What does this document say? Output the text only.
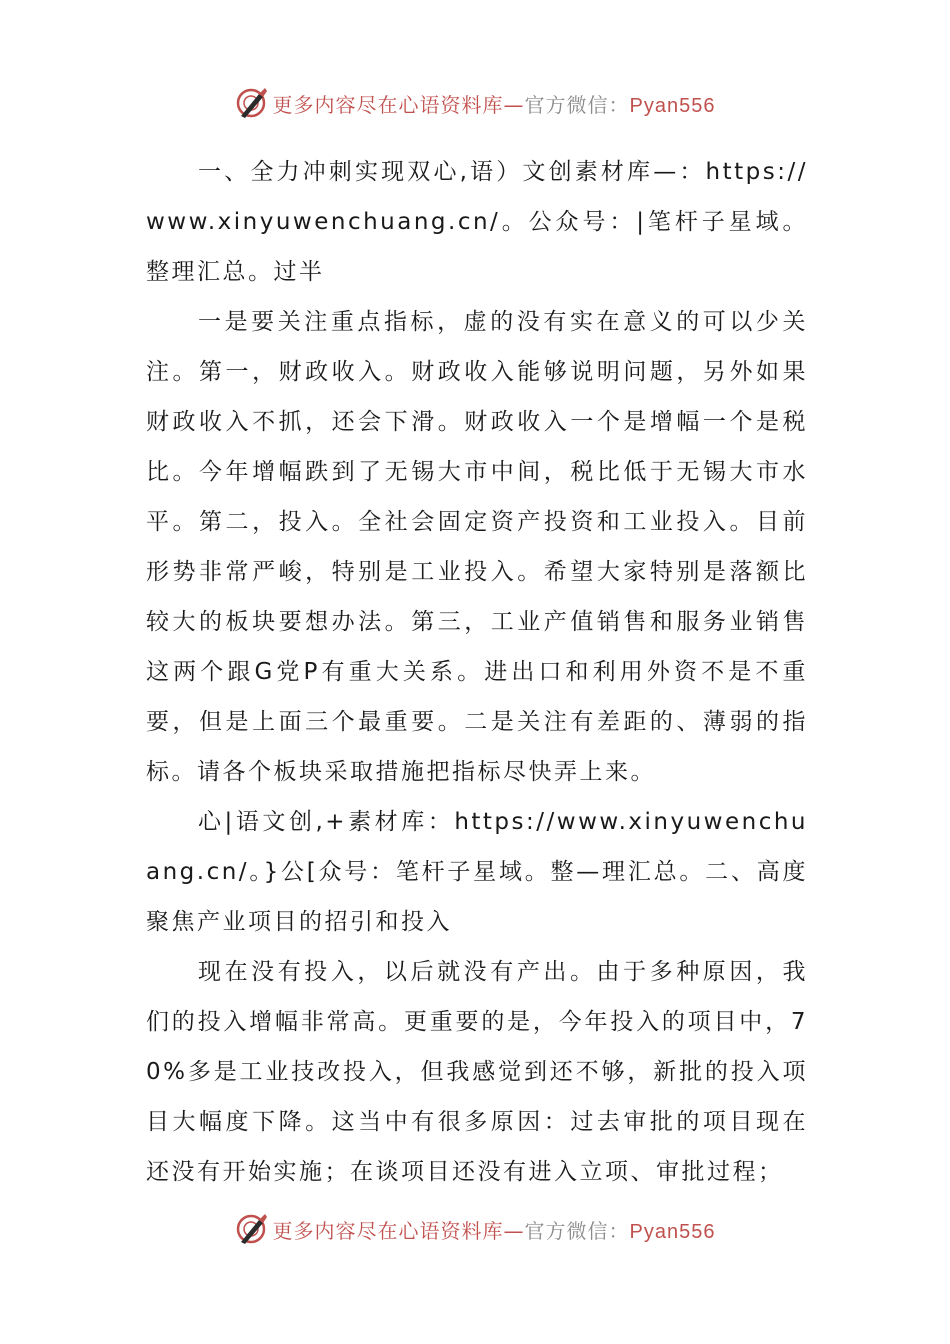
更多内容尽在心语资料库—官方微信：Pyan556

一、全力冲刺实现双心,语）文创素材库—：https://www.xinyuwenchuang.cn/。公众号：|笔杆子星域。整理汇总。过半

一是要关注重点指标，虚的没有实在意义的可以少关注。第一，财政收入。财政收入能够说明问题，另外如果财政收入不抓，还会下滑。财政收入一个是增幅一个是税比。今年增幅跌到了无锡大市中间，税比低于无锡大市水平。第二，投入。全社会固定资产投资和工业投入。目前形势非常严峻，特别是工业投入。希望大家特别是落额比较大的板块要想办法。第三，工业产值销售和服务业销售这两个跟G党P有重大关系。进出口和利用外资不是不重要，但是上面三个最重要。二是关注有差距的、薄弱的指标。请各个板块采取措施把指标尽快弄上来。

心|语文创,+素材库：https://www.xinyuwenchuang.cn/。}公[众号：笔杆子星域。整—理汇总。二、高度聚焦产业项目的招引和投入

现在没有投入，以后就没有产出。由于多种原因，我们的投入增幅非常高。更重要的是，今年投入的项目中，70%多是工业技改投入，但我感觉到还不够，新批的投入项目大幅度下降。这当中有很多原因：过去审批的项目现在还没有开始实施；在谈项目还没有进入立项、审批过程；

更多内容尽在心语资料库—官方微信：Pyan556
